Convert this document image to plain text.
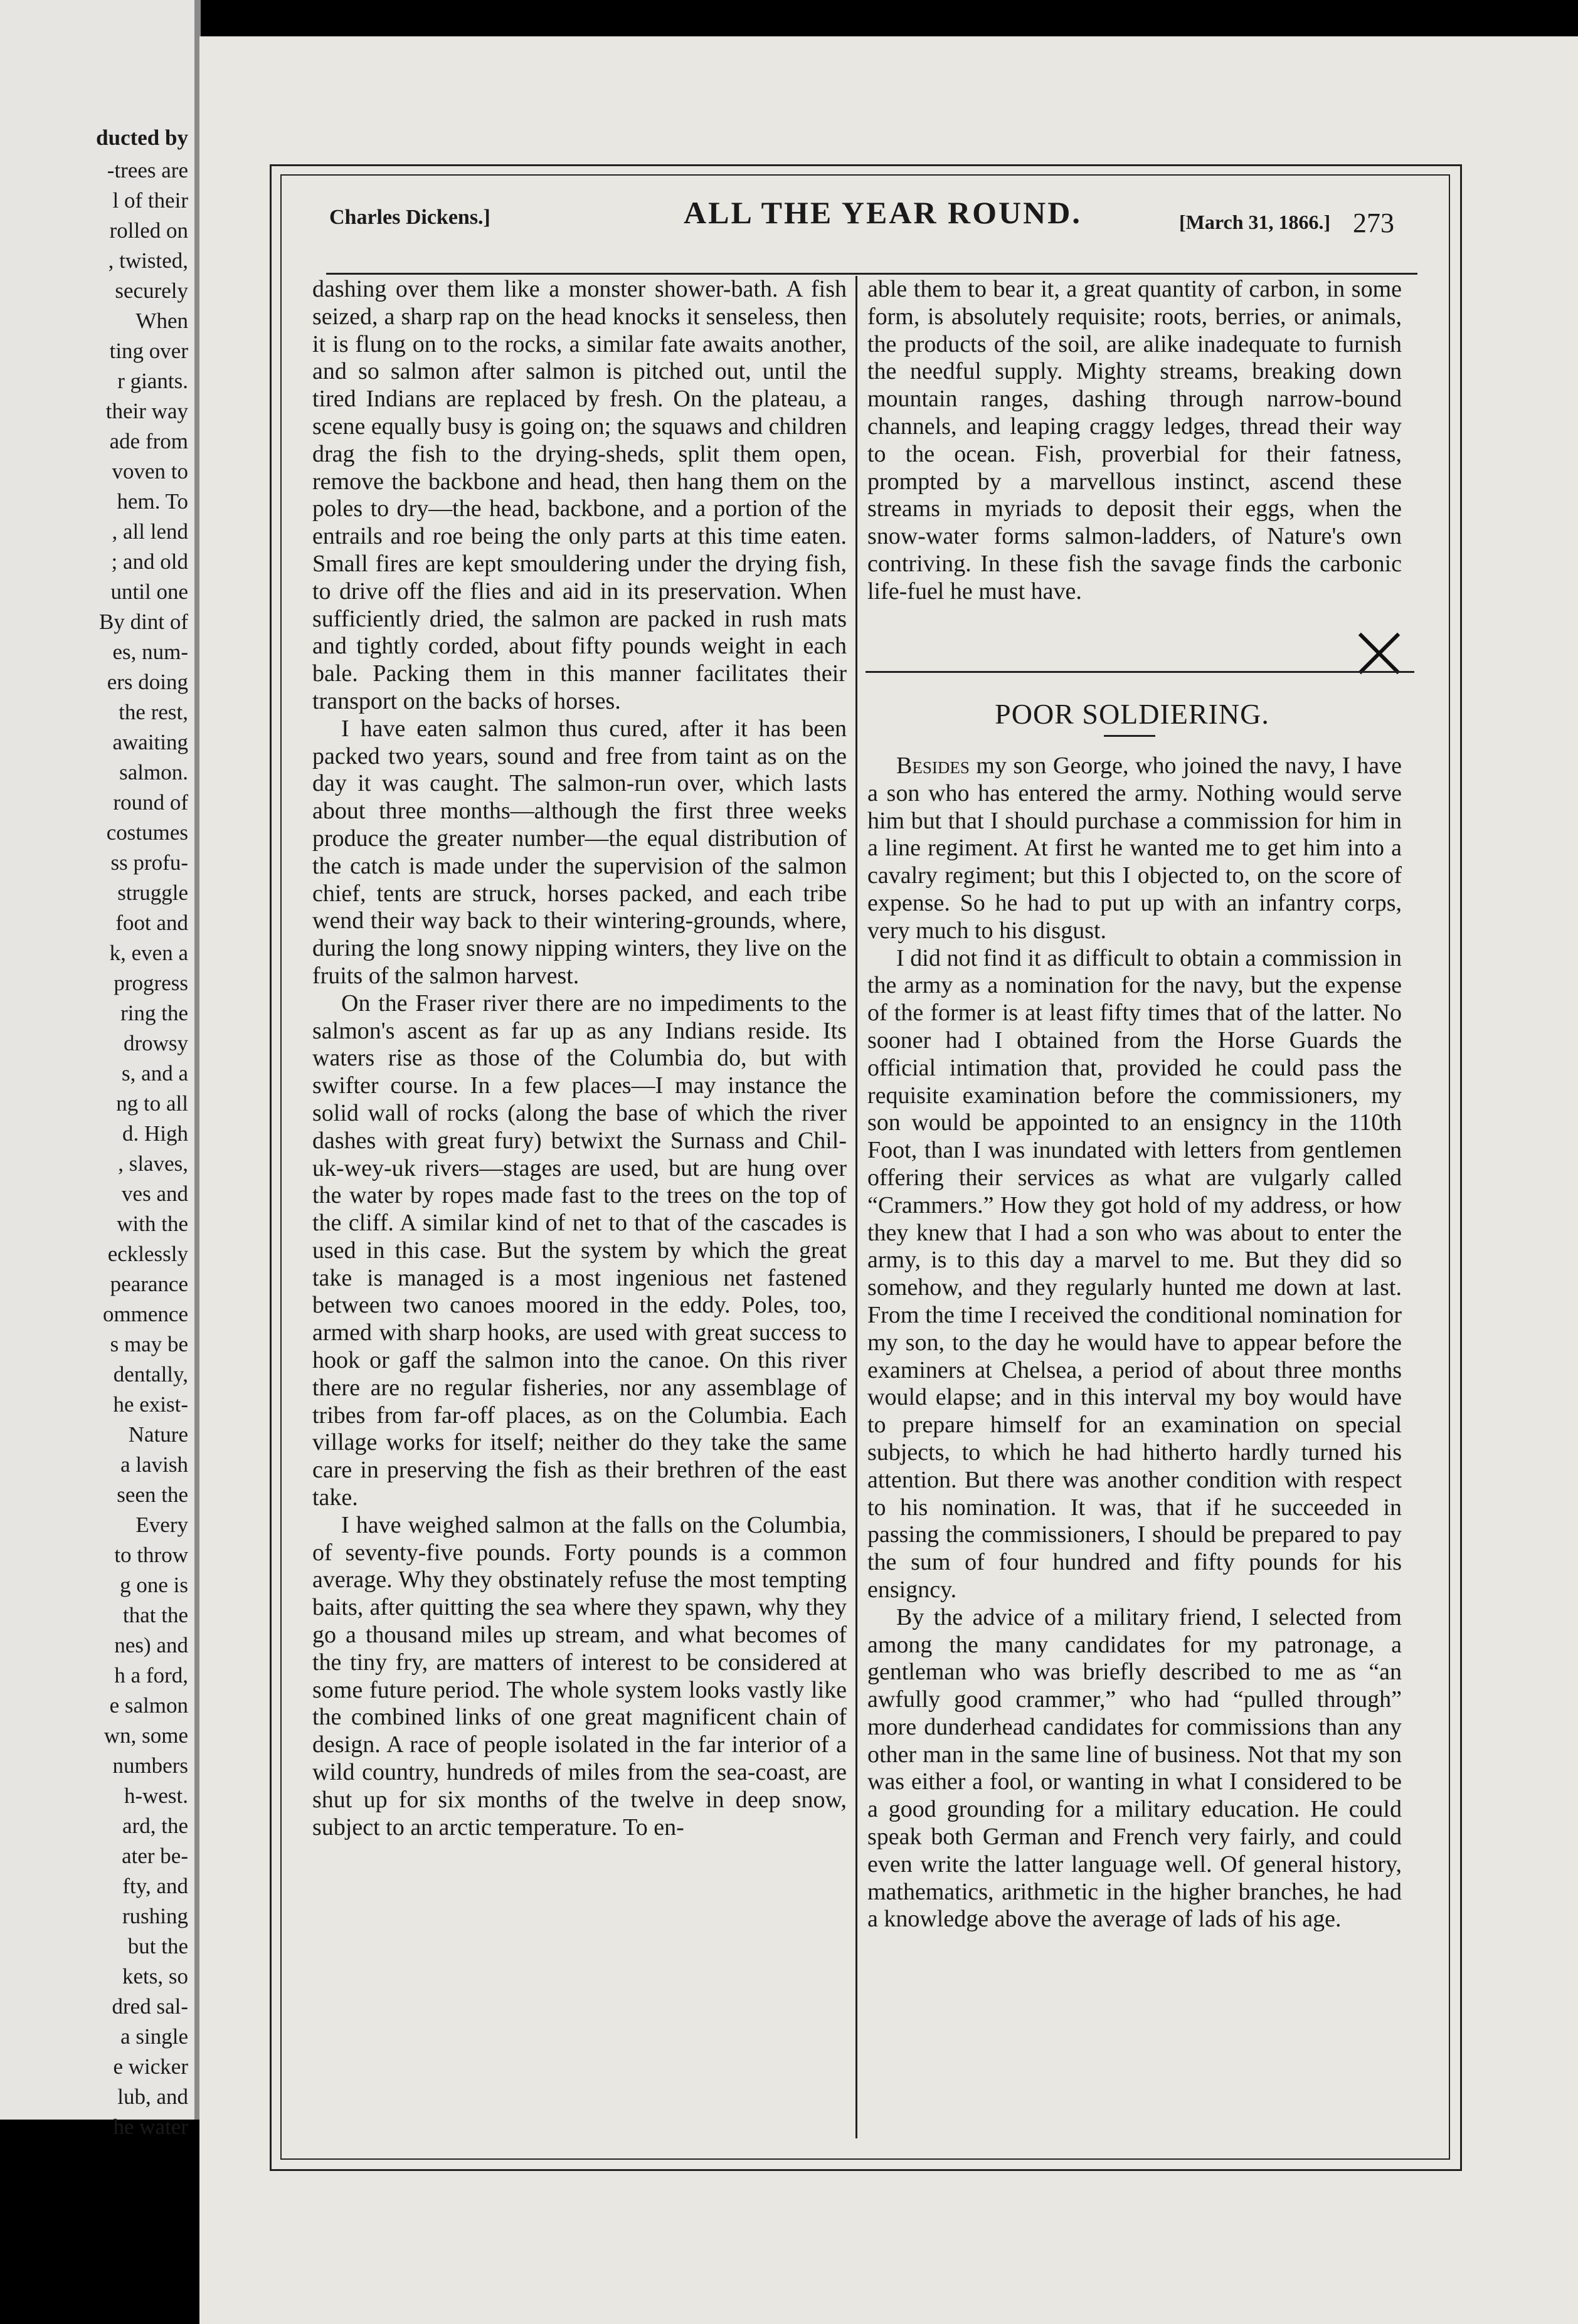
ducted by
-trees are
l of their
rolled on
, twisted,
securely
When
ting over
r giants.
their way
ade from
voven to
hem. To
, all lend
; and old
until one
By dint of
es, num-
ers doing
the rest,
awaiting
salmon.
round of
costumes
ss profu-
struggle
foot and
k, even a
progress
ring the
drowsy
s, and a
ng to all
d. High
, slaves,
ves and
with the
ecklessly
pearance
ommence
s may be
dentally,
he exist-
Nature
a lavish
seen the
Every
to throw
g one is
that the
nes) and
h a ford,
e salmon
wn, some
numbers
h-west.
ard, the
ater be-
fty, and
rushing
but the
kets, so
dred sal-
a single
e wicker
lub, and
he water
Charles Dickens.]	ALL THE YEAR ROUND.	[March 31, 1866.] 273

dashing over them like a monster shower-bath. A fish seized, a sharp rap on the head knocks it senseless, then it is flung on to the rocks, a similar fate awaits another, and so salmon after salmon is pitched out, until the tired Indians are replaced by fresh. On the plateau, a scene equally busy is going on; the squaws and children drag the fish to the drying-sheds, split them open, remove the backbone and head, then hang them on the poles to dry—the head, backbone, and a portion of the entrails and roe being the only parts at this time eaten. Small fires are kept smouldering under the drying fish, to drive off the flies and aid in its preservation. When sufficiently dried, the salmon are packed in rush mats and tightly corded, about fifty pounds weight in each bale. Packing them in this manner facilitates their transport on the backs of horses.

I have eaten salmon thus cured, after it has been packed two years, sound and free from taint as on the day it was caught. The salmon-run over, which lasts about three months—although the first three weeks produce the greater number—the equal distribution of the catch is made under the supervision of the salmon chief, tents are struck, horses packed, and each tribe wend their way back to their wintering-grounds, where, during the long snowy nipping winters, they live on the fruits of the salmon harvest.

On the Fraser river there are no impediments to the salmon's ascent as far up as any Indians reside. Its waters rise as those of the Columbia do, but with swifter course. In a few places—I may instance the solid wall of rocks (along the base of which the river dashes with great fury) betwixt the Surnass and Chil-uk-wey-uk rivers—stages are used, but are hung over the water by ropes made fast to the trees on the top of the cliff. A similar kind of net to that of the cascades is used in this case. But the system by which the great take is managed is a most ingenious net fastened between two canoes moored in the eddy. Poles, too, armed with sharp hooks, are used with great success to hook or gaff the salmon into the canoe. On this river there are no regular fisheries, nor any assemblage of tribes from far-off places, as on the Columbia. Each village works for itself; neither do they take the same care in preserving the fish as their brethren of the east take.

I have weighed salmon at the falls on the Columbia, of seventy-five pounds. Forty pounds is a common average. Why they obstinately refuse the most tempting baits, after quitting the sea where they spawn, why they go a thousand miles up stream, and what becomes of the tiny fry, are matters of interest to be considered at some future period. The whole system looks vastly like the combined links of one great magnificent chain of design. A race of people isolated in the far interior of a wild country, hundreds of miles from the sea-coast, are shut up for six months of the twelve in deep snow, subject to an arctic temperature. To en-

able them to bear it, a great quantity of carbon, in some form, is absolutely requisite; roots, berries, or animals, the products of the soil, are alike inadequate to furnish the needful supply. Mighty streams, breaking down mountain ranges, dashing through narrow-bound channels, and leaping craggy ledges, thread their way to the ocean. Fish, proverbial for their fatness, prompted by a marvellous instinct, ascend these streams in myriads to deposit their eggs, when the snow-water forms salmon-ladders, of Nature's own contriving. In these fish the savage finds the carbonic life-fuel he must have.

POOR SOLDIERING.

Besides my son George, who joined the navy, I have a son who has entered the army. Nothing would serve him but that I should purchase a commission for him in a line regiment. At first he wanted me to get him into a cavalry regiment; but this I objected to, on the score of expense. So he had to put up with an infantry corps, very much to his disgust.

I did not find it as difficult to obtain a commission in the army as a nomination for the navy, but the expense of the former is at least fifty times that of the latter. No sooner had I obtained from the Horse Guards the official intimation that, provided he could pass the requisite examination before the commissioners, my son would be appointed to an ensigncy in the 110th Foot, than I was inundated with letters from gentlemen offering their services as what are vulgarly called “Crammers.” How they got hold of my address, or how they knew that I had a son who was about to enter the army, is to this day a marvel to me. But they did so somehow, and they regularly hunted me down at last. From the time I received the conditional nomination for my son, to the day he would have to appear before the examiners at Chelsea, a period of about three months would elapse; and in this interval my boy would have to prepare himself for an examination on special subjects, to which he had hitherto hardly turned his attention. But there was another condition with respect to his nomination. It was, that if he succeeded in passing the commissioners, I should be prepared to pay the sum of four hundred and fifty pounds for his ensigncy.

By the advice of a military friend, I selected from among the many candidates for my patronage, a gentleman who was briefly described to me as “an awfully good crammer,” who had “pulled through” more dunderhead candidates for commissions than any other man in the same line of business. Not that my son was either a fool, or wanting in what I considered to be a good grounding for a military education. He could speak both German and French very fairly, and could even write the latter language well. Of general history, mathematics, arithmetic in the higher branches, he had a knowledge above the average of lads of his age.
